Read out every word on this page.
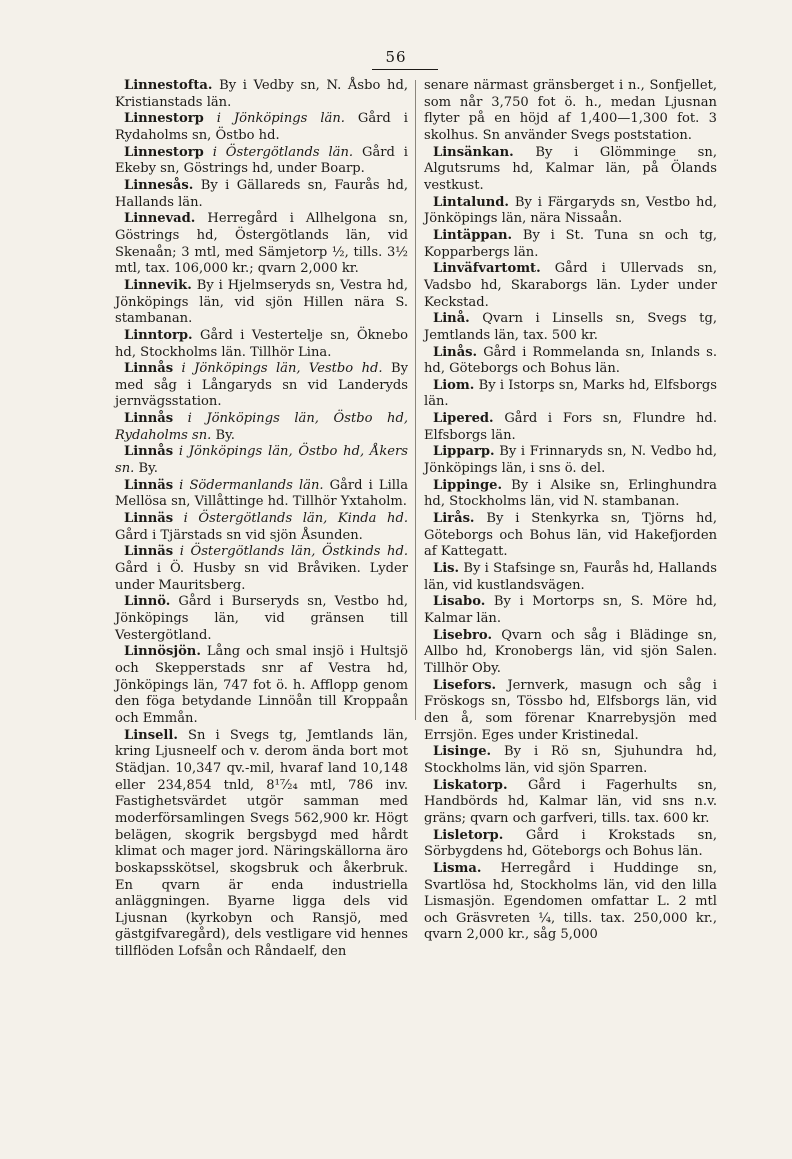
56

Linnestofta. By i Vedby sn, N. Åsbo hd, Kristianstads län.

Linnestorp i Jönköpings län. Gård i Rydaholms sn, Östbo hd.

Linnestorp i Östergötlands län. Gård i Ekeby sn, Göstrings hd, under Boarp.

Linnesås. By i Gällareds sn, Faurås hd, Hallands län.

Linnevad. Herregård i Allhelgona sn, Göstrings hd, Östergötlands län, vid Skenaån; 3 mtl, med Sämjetorp ½, tills. 3½ mtl, tax. 106,000 kr.; qvarn 2,000 kr.

Linnevik. By i Hjelmseryds sn, Vestra hd, Jönköpings län, vid sjön Hillen nära S. stambanan.

Linntorp. Gård i Vestertelje sn, Öknebo hd, Stockholms län. Tillhör Lina.

Linnås i Jönköpings län, Vestbo hd. By med såg i Långaryds sn vid Landeryds jernvägsstation.

Linnås i Jönköpings län, Östbo hd, Rydaholms sn. By.

Linnås i Jönköpings län, Östbo hd, Åkers sn. By.

Linnäs i Södermanlands län. Gård i Lilla Mellösa sn, Villåttinge hd. Tillhör Yxtaholm.

Linnäs i Östergötlands län, Kinda hd. Gård i Tjärstads sn vid sjön Åsunden.

Linnäs i Östergötlands län, Östkinds hd. Gård i Ö. Husby sn vid Bråviken. Lyder under Mauritsberg.

Linnö. Gård i Burseryds sn, Vestbo hd, Jönköpings län, vid gränsen till Vestergötland.

Linnösjön. Lång och smal insjö i Hultsjö och Skepperstads snr af Vestra hd, Jönköpings län, 747 fot ö. h. Afflopp genom den föga betydande Linnöån till Kroppaån och Emmån.

Linsell. Sn i Svegs tg, Jemtlands län, kring Ljusneelf och v. derom ända bort mot Städjan. 10,347 qv.-mil, hvaraf land 10,148 eller 234,854 tnld, 8¹⁷⁄₂₄ mtl, 786 inv. Fastighetsvärdet utgör samman med moderförsamlingen Svegs 562,900 kr. Högt belägen, skogrik bergsbygd med hårdt klimat och mager jord. Näringskällorna äro boskapsskötsel, skogsbruk och åkerbruk. En qvarn är enda industriella anläggningen. Byarne ligga dels vid Ljusnan (kyrkobyn och Ransjö, med gästgifvaregård), dels vestligare vid hennes tillflöden Lofsån och Råndaelf, den

senare närmast gränsberget i n., Sonfjellet, som når 3,750 fot ö. h., medan Ljusnan flyter på en höjd af 1,400—1,300 fot. 3 skolhus. Sn använder Svegs poststation.

Linsänkan. By i Glömminge sn, Algutsrums hd, Kalmar län, på Ölands vestkust.

Lintalund. By i Färgaryds sn, Vestbo hd, Jönköpings län, nära Nissaån.

Lintäppan. By i St. Tuna sn och tg, Kopparbergs län.

Linväfvartomt. Gård i Ullervads sn, Vadsbo hd, Skaraborgs län. Lyder under Keckstad.

Linå. Qvarn i Linsells sn, Svegs tg, Jemtlands län, tax. 500 kr.

Linås. Gård i Rommelanda sn, Inlands s. hd, Göteborgs och Bohus län.

Liom. By i Istorps sn, Marks hd, Elfsborgs län.

Lipered. Gård i Fors sn, Flundre hd. Elfsborgs län.

Lipparp. By i Frinnaryds sn, N. Vedbo hd, Jönköpings län, i sns ö. del.

Lippinge. By i Alsike sn, Erlinghundra hd, Stockholms län, vid N. stambanan.

Lirås. By i Stenkyrka sn, Tjörns hd, Göteborgs och Bohus län, vid Hakefjorden af Kattegatt.

Lis. By i Stafsinge sn, Faurås hd, Hallands län, vid kustlandsvägen.

Lisabo. By i Mortorps sn, S. Möre hd, Kalmar län.

Lisebro. Qvarn och såg i Blädinge sn, Allbo hd, Kronobergs län, vid sjön Salen. Tillhör Oby.

Lisefors. Jernverk, masugn och såg i Fröskogs sn, Tössbo hd, Elfsborgs län, vid den å, som förenar Knarrebysjön med Errsjön. Eges under Kristinedal.

Lisinge. By i Rö sn, Sjuhundra hd, Stockholms län, vid sjön Sparren.

Liskatorp. Gård i Fagerhults sn, Handbörds hd, Kalmar län, vid sns n.v. gräns; qvarn och garfveri, tills. tax. 600 kr.

Lisletorp. Gård i Krokstads sn, Sörbygdens hd, Göteborgs och Bohus län.

Lisma. Herregård i Huddinge sn, Svartlösa hd, Stockholms län, vid den lilla Lismasjön. Egendomen omfattar L. 2 mtl och Gräsvreten ¼, tills. tax. 250,000 kr., qvarn 2,000 kr., såg 5,000
